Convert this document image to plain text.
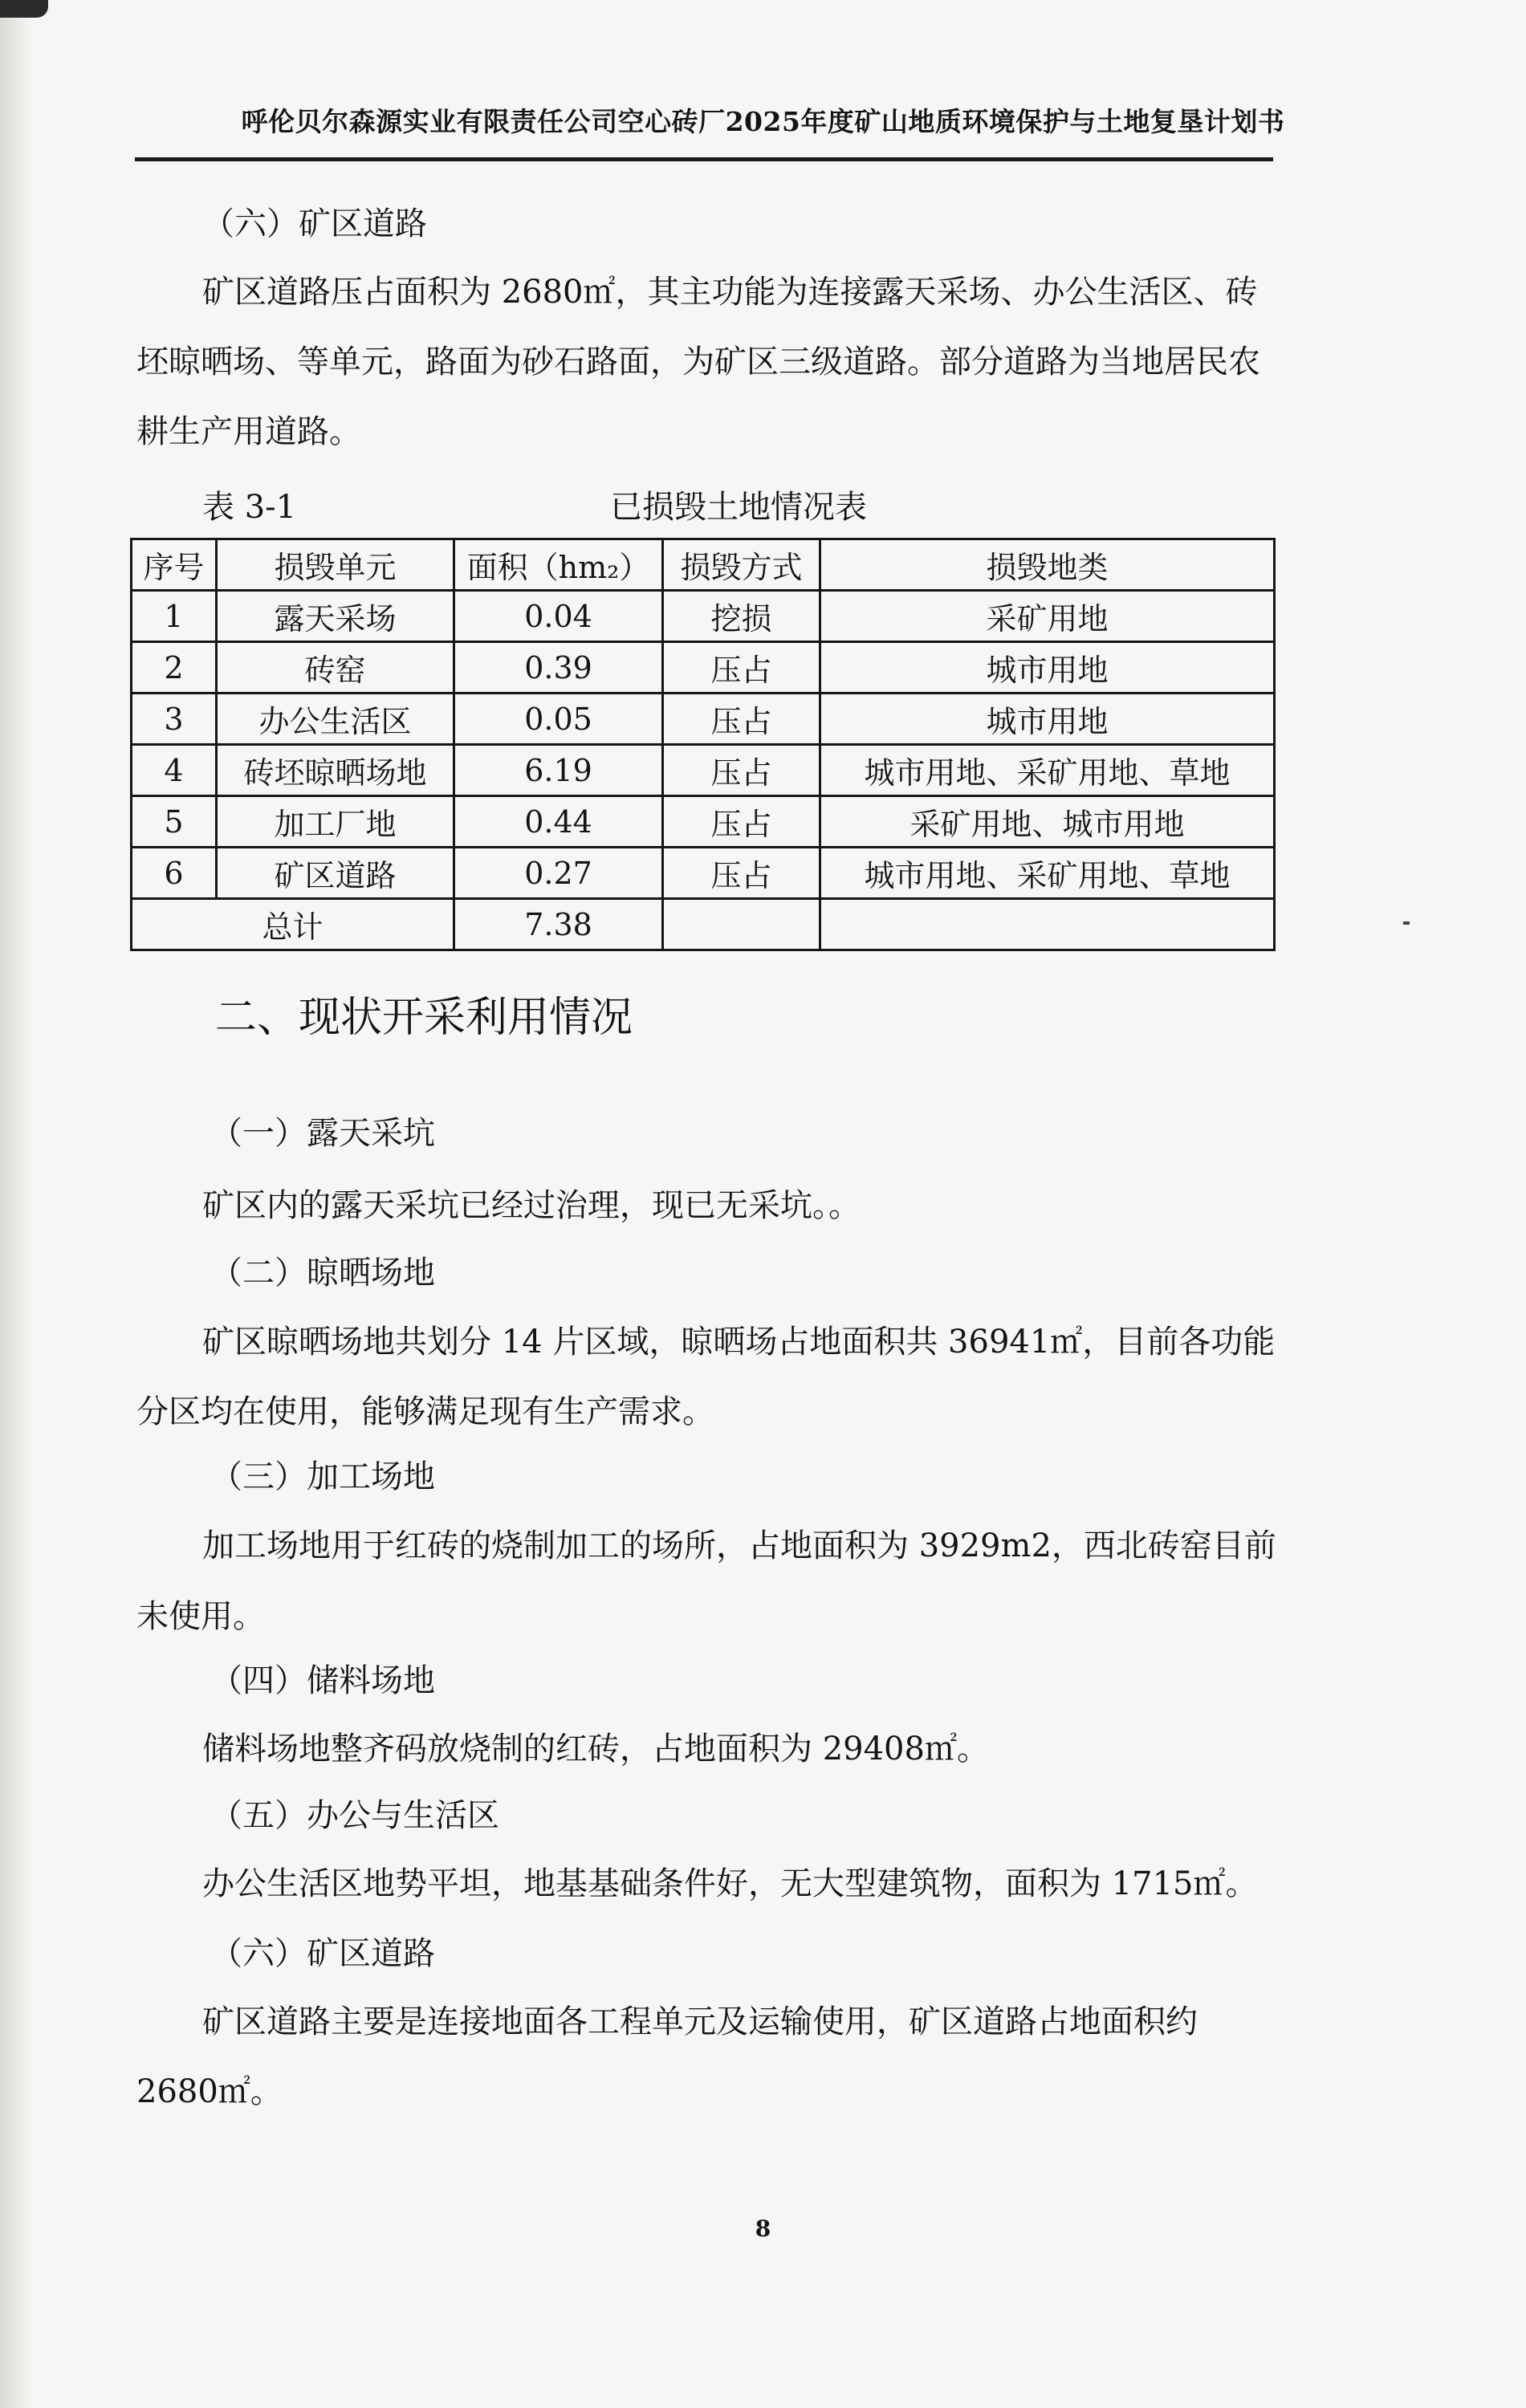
呼伦贝尔森源实业有限责任公司空心砖厂2025年度矿山地质环境保护与土地复垦计划书

（六）矿区道路

矿区道路压占面积为 2680㎡，其主功能为连接露天采场、办公生活区、砖

坯晾晒场、等单元，路面为砂石路面，为矿区三级道路。部分道路为当地居民农

耕生产用道路。

表 3-1	已损毁土地情况表
序号	损毁单元	面积（hm₂）	损毁方式	损毁地类
1	露天采场	0.04	挖损	采矿用地
2	砖窑	0.39	压占	城市用地
3	办公生活区	0.05	压占	城市用地
4	砖坯晾晒场地	6.19	压占	城市用地、采矿用地、草地
5	加工厂地	0.44	压占	采矿用地、城市用地
6	矿区道路	0.27	压占	城市用地、采矿用地、草地
总计		7.38		

二、现状开采利用情况

（一）露天采坑

矿区内的露天采坑已经过治理，现已无采坑。。

（二）晾晒场地

矿区晾晒场地共划分 14 片区域，晾晒场占地面积共 36941㎡，目前各功能

分区均在使用，能够满足现有生产需求。

（三）加工场地

加工场地用于红砖的烧制加工的场所，占地面积为 3929m2，西北砖窑目前

未使用。

（四）储料场地

储料场地整齐码放烧制的红砖，占地面积为 29408㎡。

（五）办公与生活区

办公生活区地势平坦，地基基础条件好，无大型建筑物，面积为 1715㎡。

（六）矿区道路

矿区道路主要是连接地面各工程单元及运输使用，矿区道路占地面积约

2680㎡。

8
